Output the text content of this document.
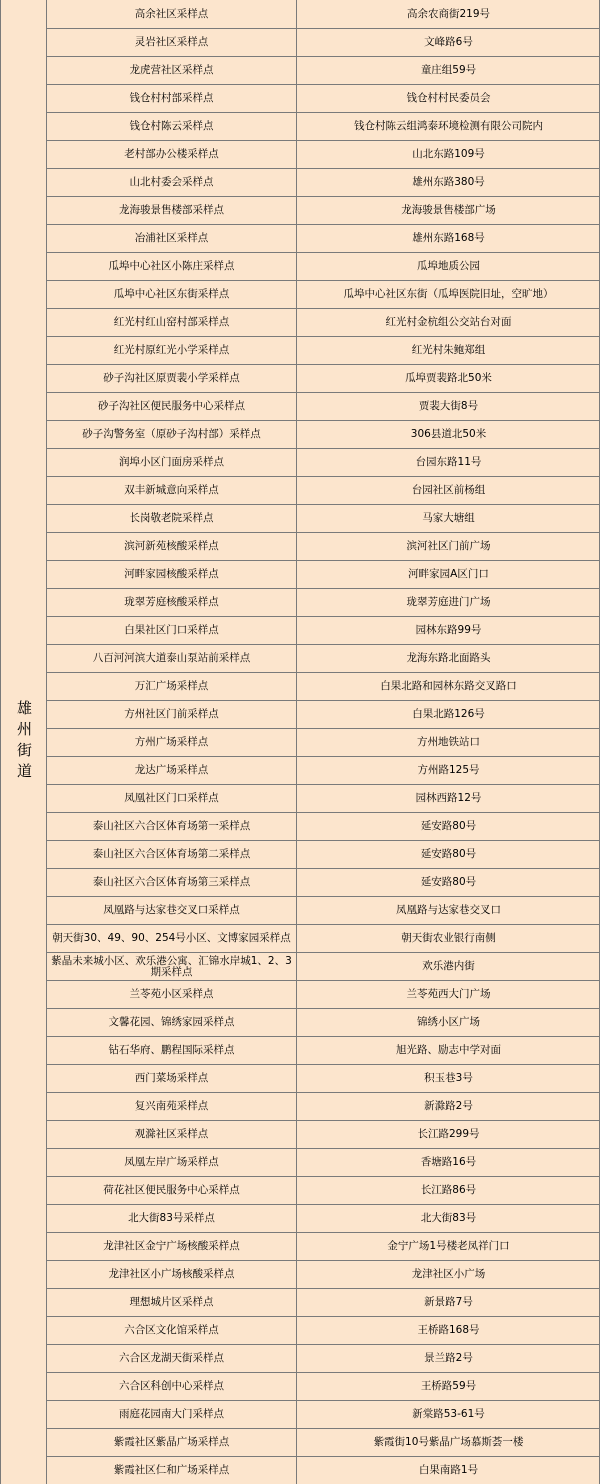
雄州街道
高余社区采样点	高余农商街219号
灵岩社区采样点	文峰路6号
龙虎营社区采样点	童庄组59号
钱仓村村部采样点	钱仓村村民委员会
钱仓村陈云采样点	钱仓村陈云组鸿泰环境检测有限公司院内
老村部办公楼采样点	山北东路109号
山北村委会采样点	雄州东路380号
龙海骏景售楼部采样点	龙海骏景售楼部广场
冶浦社区采样点	雄州东路168号
瓜埠中心社区小陈庄采样点	瓜埠地质公园
瓜埠中心社区东街采样点	瓜埠中心社区东街（瓜埠医院旧址，空旷地）
红光村红山窑村部采样点	红光村金杭组公交站台对面
红光村原红光小学采样点	红光村朱鲍郑组
砂子沟社区原贾裴小学采样点	瓜埠贾裴路北50米
砂子沟社区便民服务中心采样点	贾裴大街8号
砂子沟警务室（原砂子沟村部）采样点	306县道北50米
润埠小区门面房采样点	台园东路11号
双丰新城意向采样点	台园社区前杨组
长岗敬老院采样点	马家大塘组
滨河新苑核酸采样点	滨河社区门前广场
河畔家园核酸采样点	河畔家园A区门口
珑翠芳庭核酸采样点	珑翠芳庭进门广场
白果社区门口采样点	园林东路99号
八百河河滨大道泰山泵站前采样点	龙海东路北面路头
万汇广场采样点	白果北路和园林东路交叉路口
方州社区门前采样点	白果北路126号
方州广场采样点	方州地铁站口
龙达广场采样点	方州路125号
凤凰社区门口采样点	园林西路12号
泰山社区六合区体育场第一采样点	延安路80号
泰山社区六合区体育场第二采样点	延安路80号
泰山社区六合区体育场第三采样点	延安路80号
凤凰路与达家巷交叉口采样点	凤凰路与达家巷交叉口
朝天街30、49、90、254号小区、文博家园采样点	朝天街农业银行南侧
紫晶未来城小区、欢乐港公寓、汇锦水岸城1、2、3期采样点	欢乐港内街
兰苓苑小区采样点	兰苓苑西大门广场
文馨花园、锦绣家园采样点	锦绣小区广场
钻石华府、鹏程国际采样点	旭光路、励志中学对面
西门菜场采样点	积玉巷3号
复兴南苑采样点	新滁路2号
观滁社区采样点	长江路299号
凤凰左岸广场采样点	香塘路16号
荷花社区便民服务中心采样点	长江路86号
北大街83号采样点	北大街83号
龙津社区金宁广场核酸采样点	金宁广场1号楼老凤祥门口
龙津社区小广场核酸采样点	龙津社区小广场
理想城片区采样点	新景路7号
六合区文化馆采样点	王桥路168号
六合区龙湖天街采样点	景兰路2号
六合区科创中心采样点	王桥路59号
雨庭花园南大门采样点	新棠路53-61号
紫霞社区紫晶广场采样点	紫霞街10号紫晶广场慕斯荟一楼
紫霞社区仁和广场采样点	白果南路1号
